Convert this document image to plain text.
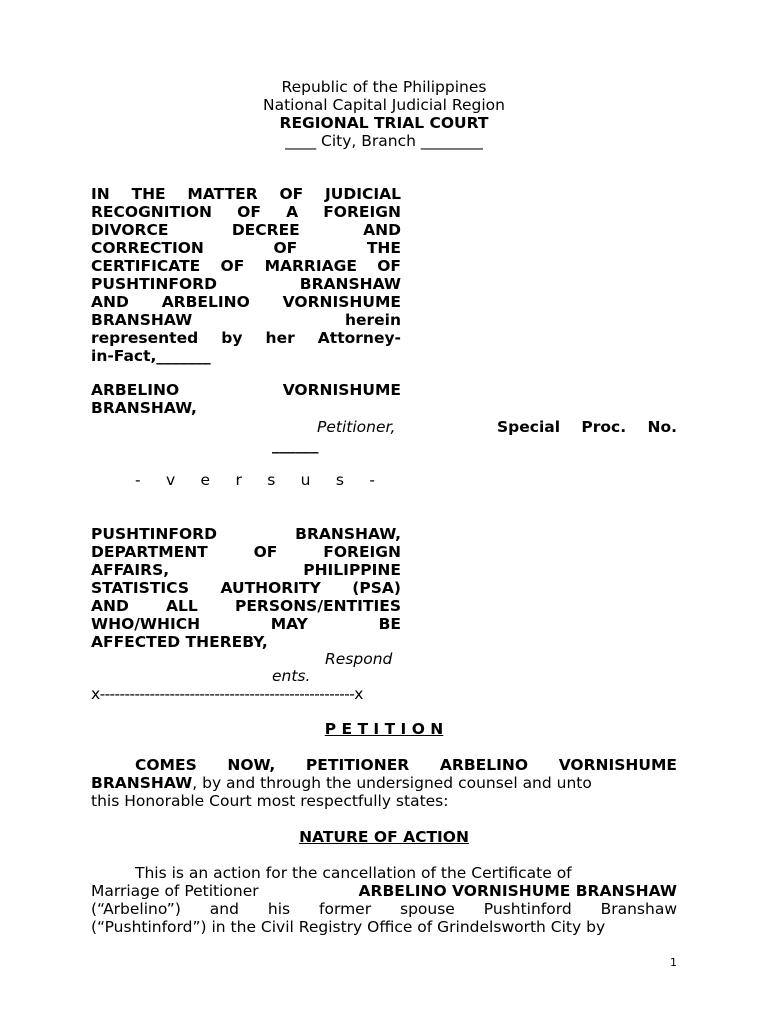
Republic of the Philippines
National Capital Judicial Region
REGIONAL TRIAL COURT
____ City, Branch ________
IN THE MATTER OF JUDICIAL
RECOGNITION OF A FOREIGN
DIVORCE	DECREE	AND
CORRECTION	OF	THE
CERTIFICATE OF MARRIAGE OF
PUSHTINFORD	BRANSHAW
AND ARBELINO VORNISHUME
BRANSHAW	herein
represented by her Attorney-
in-Fact,_______
ARBELINO	VORNISHUME
BRANSHAW,
Petitioner,	Special Proc. No.
______
- v e r s u s -
PUSHTINFORD	BRANSHAW,
DEPARTMENT	OF	FOREIGN
AFFAIRS,	PHILIPPINE
STATISTICS AUTHORITY (PSA)
AND ALL PERSONS/ENTITIES
WHO/WHICH	MAY	BE
AFFECTED THEREBY,
Respond
ents.
x---------------------------------------------------x
P E T I T I O N
COMES NOW, PETITIONER ARBELINO VORNISHUME
BRANSHAW, by and through the undersigned counsel and unto
this Honorable Court most respectfully states:
NATURE OF ACTION
This is an action for the cancellation of the Certificate of
Marriage of Petitioner	ARBELINO VORNISHUME BRANSHAW
(“Arbelino”) and his former spouse Pushtinford Branshaw
(“Pushtinford”) in the Civil Registry Office of Grindelsworth City by
1
